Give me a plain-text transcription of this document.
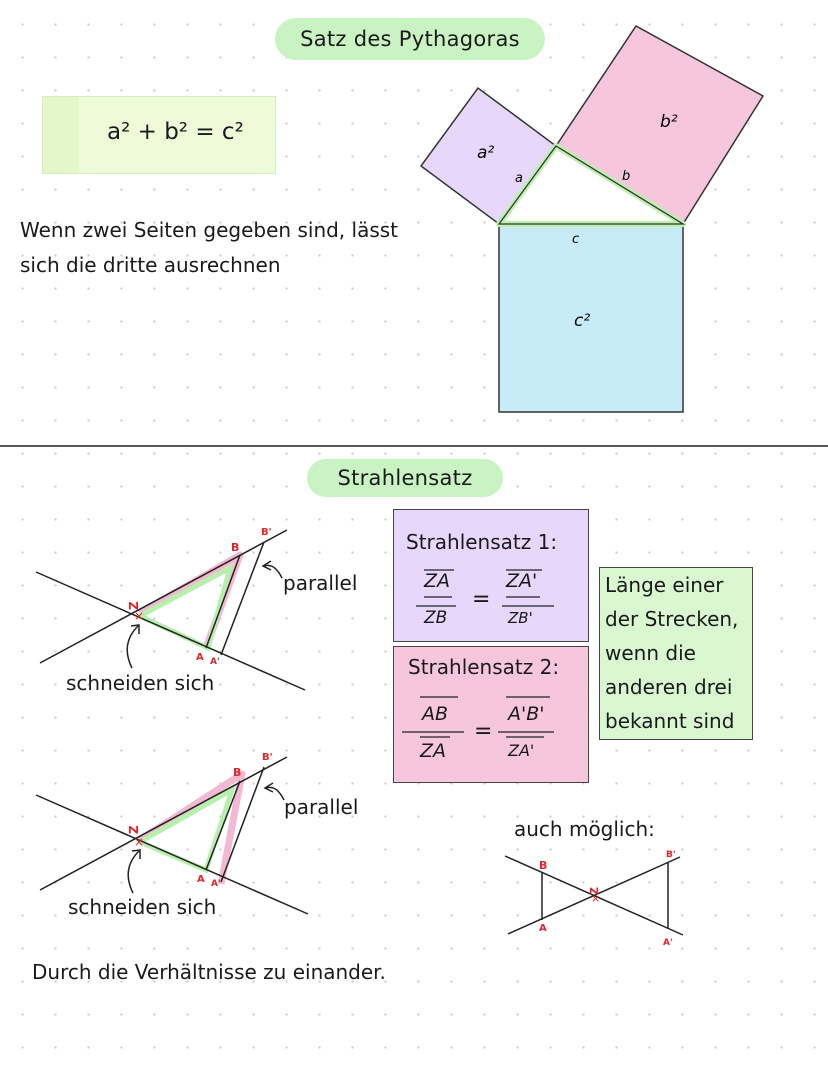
Satz des Pythagoras
a² + b² = c²
Wenn zwei Seiten gegeben sind, lässt
sich die dritte ausrechnen
a²
b²
c²
a	b
c
Strahlensatz
Z
×
B
B'
A A'
parallel
schneiden sich
Z
×
B
B'
A A'
parallel
schneiden sich
Strahlensatz 1:
ZA
ZB
=
ZA'
ZB'
Strahlensatz 2:
AB
ZA
=
A'B'
ZA'
Länge einer
der Strecken,
wenn die
anderen drei
bekannt sind
auch möglich:
B
A
B'
A'
Z
×
Durch die Verhältnisse zu einander.
